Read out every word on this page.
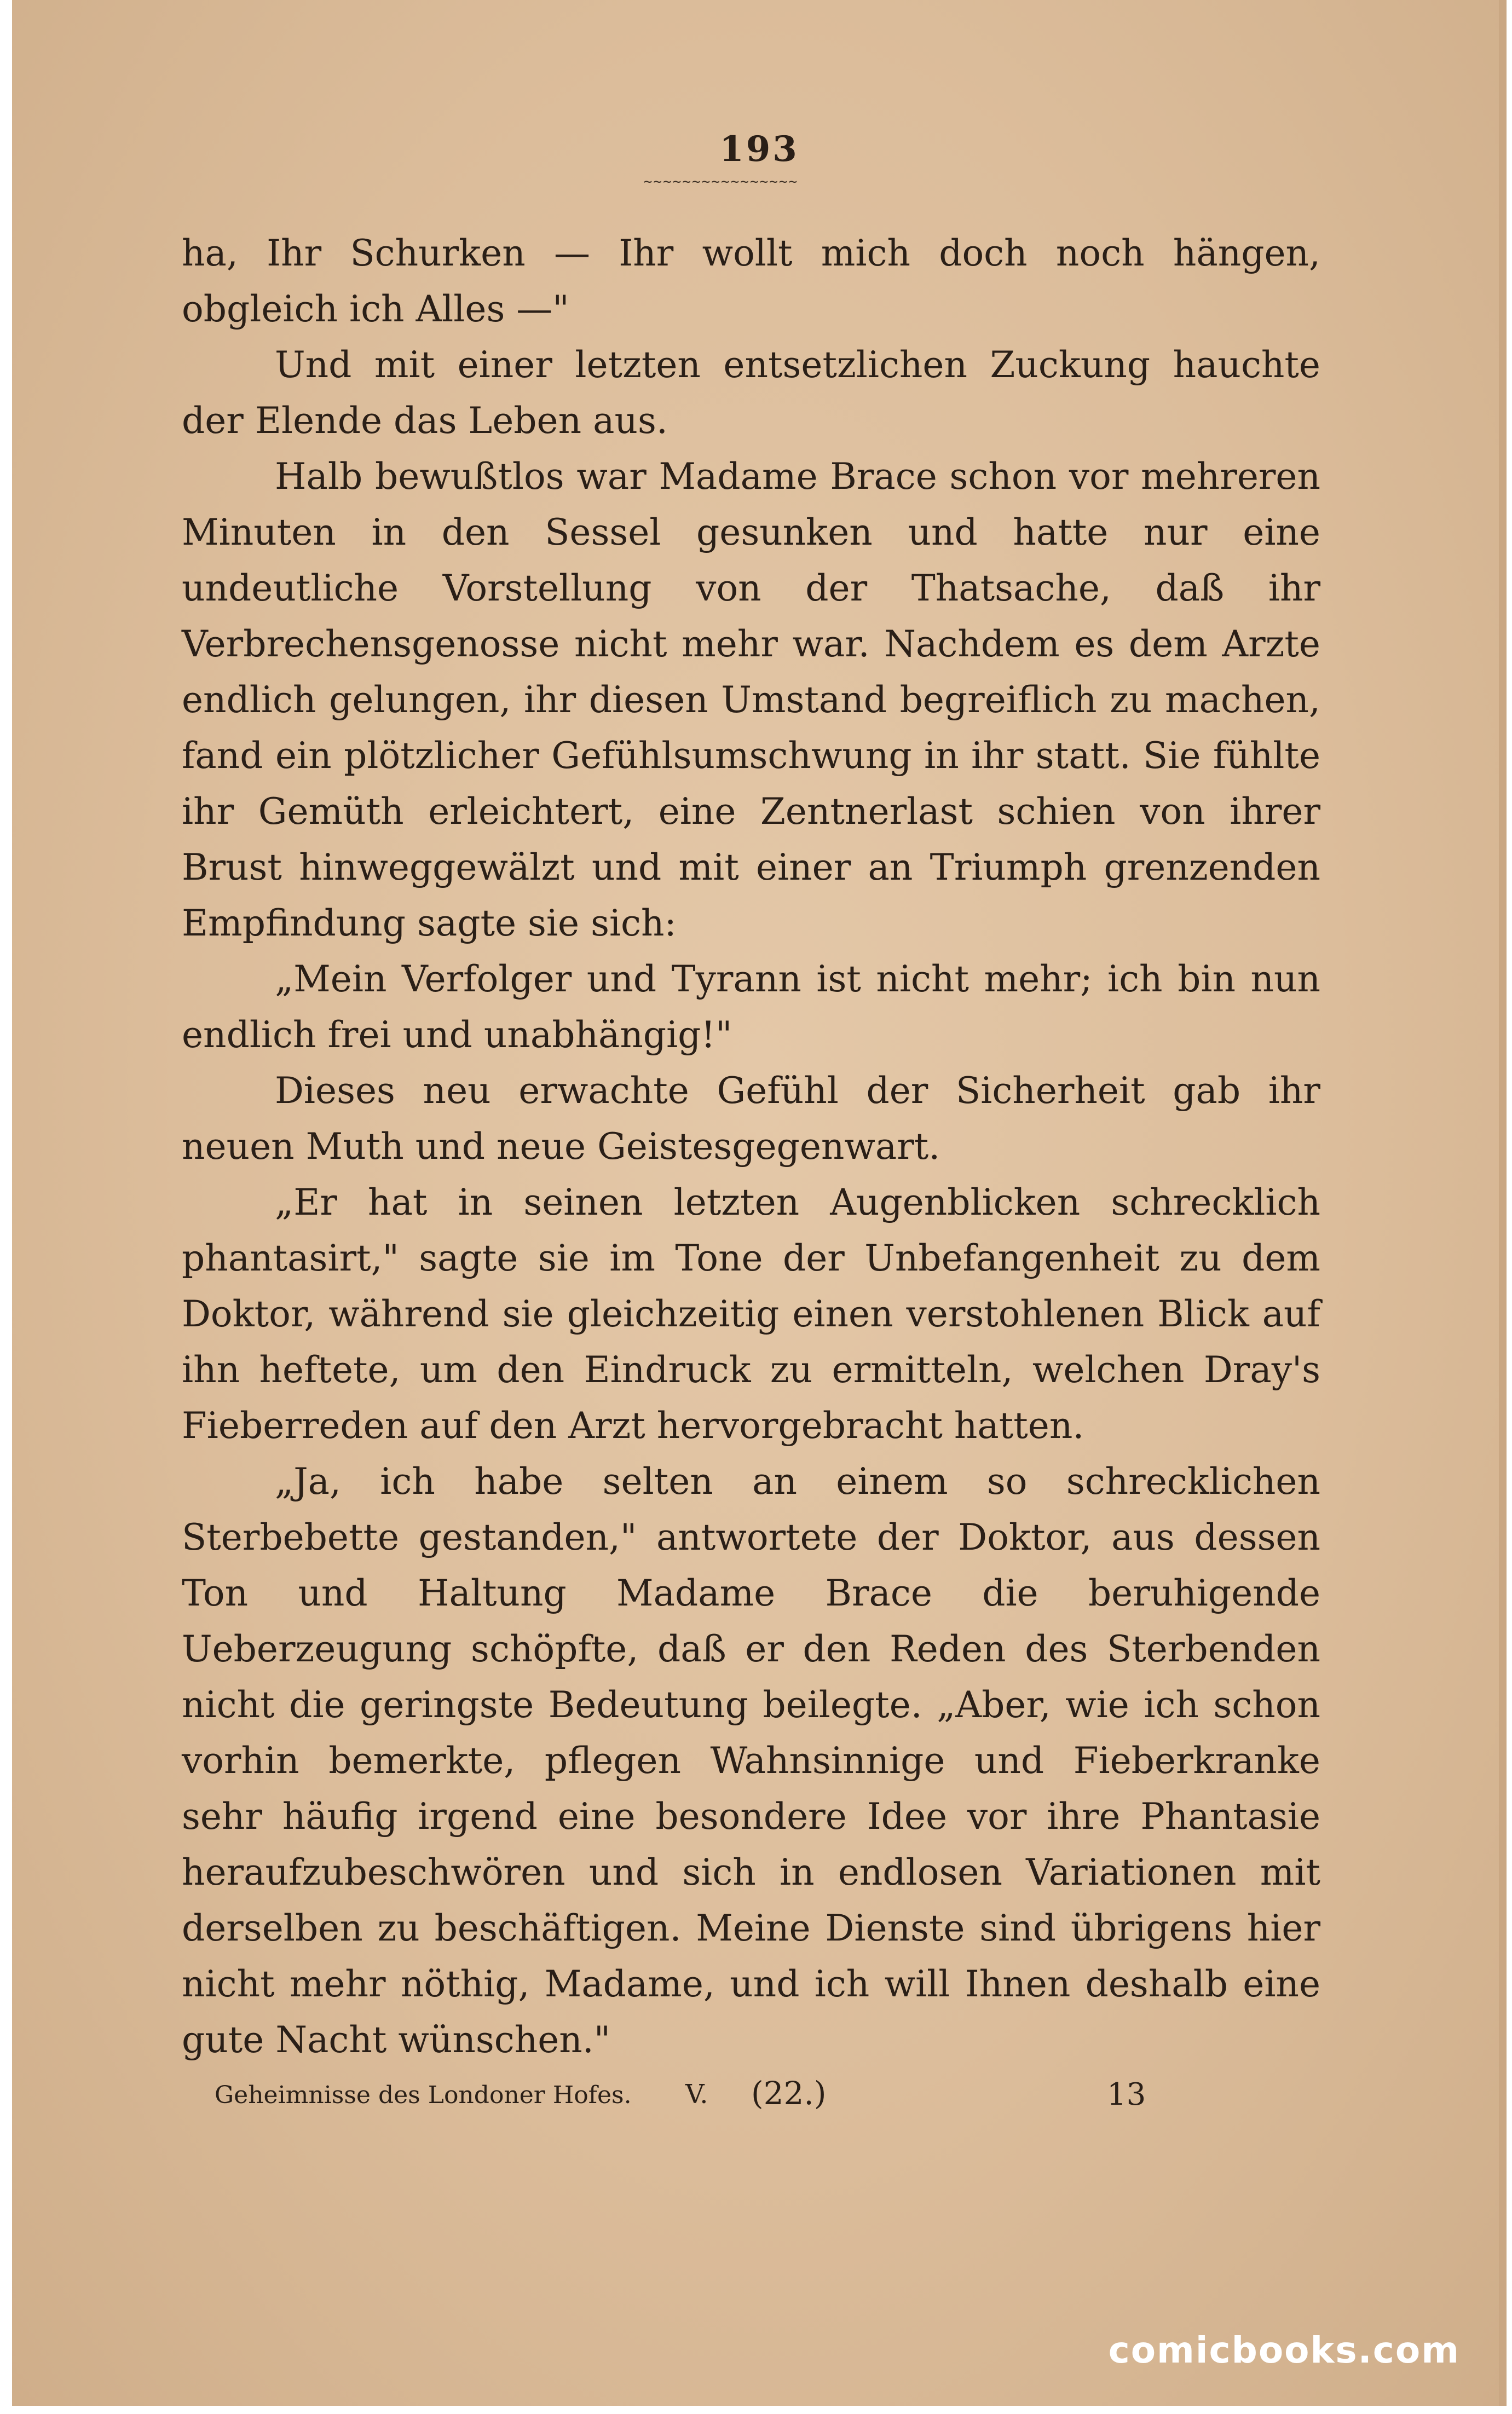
193
~~~~~~~~~~~~~~~~

ha, Ihr Schurken — Ihr wollt mich doch noch hängen, obgleich ich Alles —"

Und mit einer letzten entsetzlichen Zuckung hauchte der Elende das Leben aus.

Halb bewußtlos war Madame Brace schon vor mehreren Minuten in den Sessel gesunken und hatte nur eine undeutliche Vorstellung von der Thatsache, daß ihr Verbrechensgenosse nicht mehr war. Nachdem es dem Arzte endlich gelungen, ihr diesen Umstand begreiflich zu machen, fand ein plötzlicher Gefühlsumschwung in ihr statt. Sie fühlte ihr Gemüth erleichtert, eine Zentnerlast schien von ihrer Brust hinweggewälzt und mit einer an Triumph grenzenden Empfindung sagte sie sich:

„Mein Verfolger und Tyrann ist nicht mehr; ich bin nun endlich frei und unabhängig!"

Dieses neu erwachte Gefühl der Sicherheit gab ihr neuen Muth und neue Geistesgegenwart.

„Er hat in seinen letzten Augenblicken schrecklich phantasirt," sagte sie im Tone der Unbefangenheit zu dem Doktor, während sie gleichzeitig einen verstohlenen Blick auf ihn heftete, um den Eindruck zu ermitteln, welchen Dray's Fieberreden auf den Arzt hervorgebracht hatten.

„Ja, ich habe selten an einem so schrecklichen Sterbebette gestanden," antwortete der Doktor, aus dessen Ton und Haltung Madame Brace die beruhigende Ueberzeugung schöpfte, daß er den Reden des Sterbenden nicht die geringste Bedeutung beilegte. „Aber, wie ich schon vorhin bemerkte, pflegen Wahnsinnige und Fieberkranke sehr häufig irgend eine besondere Idee vor ihre Phantasie heraufzubeschwören und sich in endlosen Variationen mit derselben zu beschäftigen. Meine Dienste sind übrigens hier nicht mehr nöthig, Madame, und ich will Ihnen deshalb eine gute Nacht wünschen."

Geheimnisse des Londoner Hofes. V. (22.)	13
comicbooks.com
